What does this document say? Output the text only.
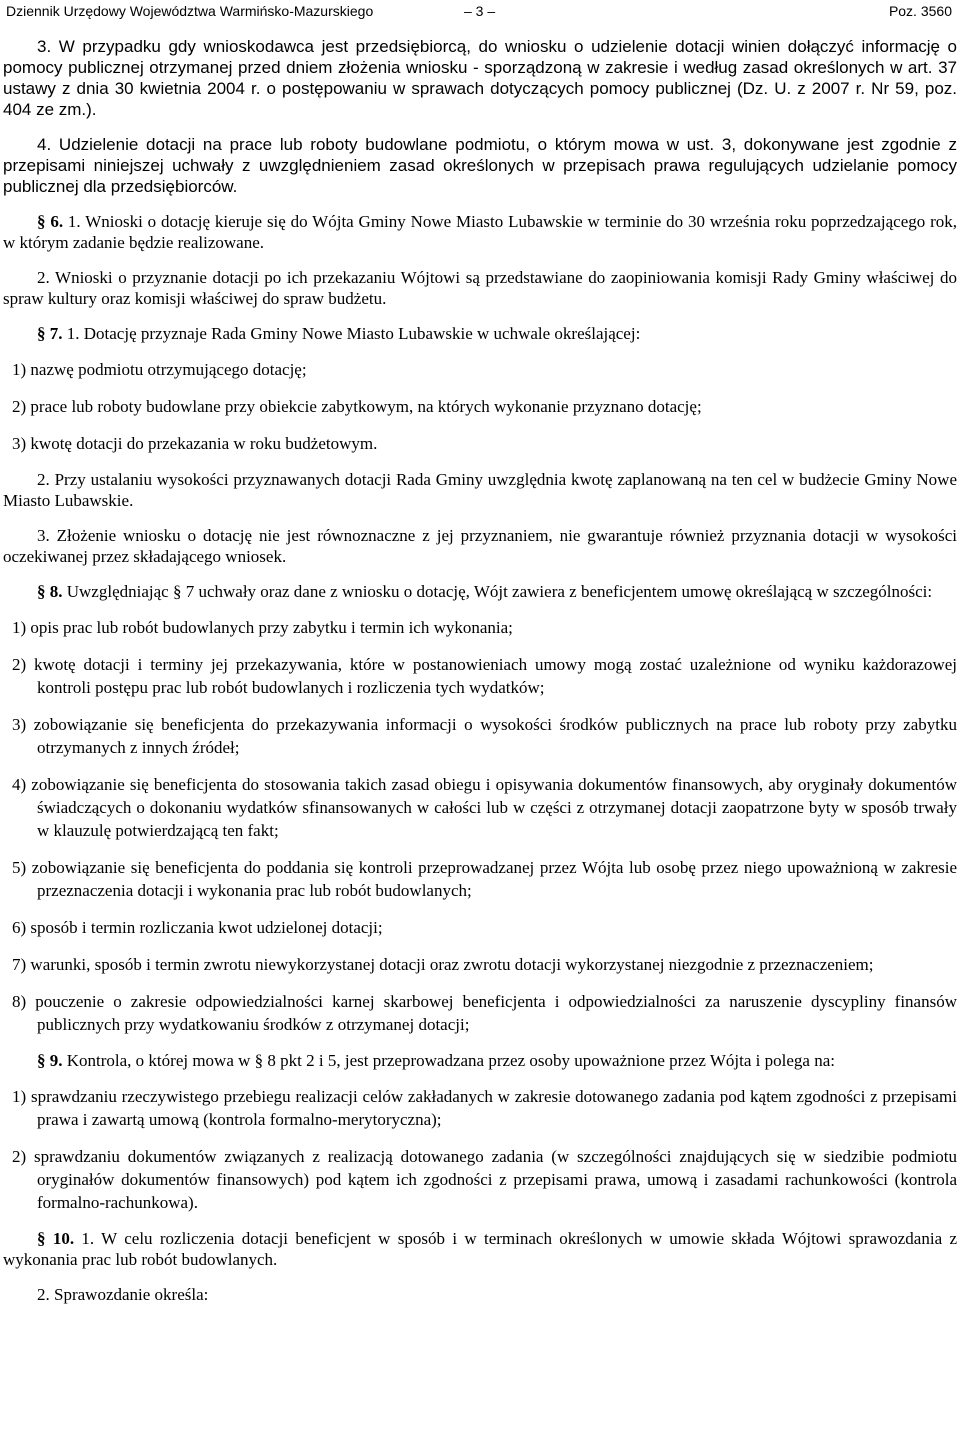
Dziennik Urzędowy Województwa Warmińsko-Mazurskiego	– 3 –	Poz. 3560

3. W przypadku gdy wnioskodawca jest przedsiębiorcą, do wniosku o udzielenie dotacji winien dołączyć informację o pomocy publicznej otrzymanej przed dniem złożenia wniosku - sporządzoną w zakresie i według zasad określonych w art. 37 ustawy z dnia 30 kwietnia 2004 r. o postępowaniu w sprawach dotyczących pomocy publicznej (Dz. U. z 2007 r. Nr 59, poz. 404 ze zm.).

4. Udzielenie dotacji na prace lub roboty budowlane podmiotu, o którym mowa w ust. 3, dokonywane jest zgodnie z przepisami niniejszej uchwały z uwzględnieniem zasad określonych w przepisach prawa regulujących udzielanie pomocy publicznej dla przedsiębiorców.

§ 6. 1. Wnioski o dotację kieruje się do Wójta Gminy Nowe Miasto Lubawskie w terminie do 30 września roku poprzedzającego rok, w którym zadanie będzie realizowane.

2. Wnioski o przyznanie dotacji po ich przekazaniu Wójtowi są przedstawiane do zaopiniowania komisji Rady Gminy właściwej do spraw kultury oraz komisji właściwej do spraw budżetu.

§ 7. 1. Dotację przyznaje Rada Gminy Nowe Miasto Lubawskie w uchwale określającej:

1) nazwę podmiotu otrzymującego dotację;

2) prace lub roboty budowlane przy obiekcie zabytkowym, na których wykonanie przyznano dotację;

3) kwotę dotacji do przekazania w roku budżetowym.

2. Przy ustalaniu wysokości przyznawanych dotacji Rada Gminy uwzględnia kwotę zaplanowaną na ten cel w budżecie Gminy Nowe Miasto Lubawskie.

3. Złożenie wniosku o dotację nie jest równoznaczne z jej przyznaniem, nie gwarantuje również przyznania dotacji w wysokości oczekiwanej przez składającego wniosek.

§ 8. Uwzględniając § 7 uchwały oraz dane z wniosku o dotację, Wójt zawiera z beneficjentem umowę określającą w szczególności:

1) opis prac lub robót budowlanych przy zabytku i termin ich wykonania;

2) kwotę dotacji i terminy jej przekazywania, które w postanowieniach umowy mogą zostać uzależnione od wyniku każdorazowej kontroli postępu prac lub robót budowlanych i rozliczenia tych wydatków;

3) zobowiązanie się beneficjenta do przekazywania informacji o wysokości środków publicznych na prace lub roboty przy zabytku otrzymanych z innych źródeł;

4) zobowiązanie się beneficjenta do stosowania takich zasad obiegu i opisywania dokumentów finansowych, aby oryginały dokumentów świadczących o dokonaniu wydatków sfinansowanych w całości lub w części z otrzymanej dotacji zaopatrzone byty w sposób trwały w klauzulę potwierdzającą ten fakt;

5) zobowiązanie się beneficjenta do poddania się kontroli przeprowadzanej przez Wójta lub osobę przez niego upoważnioną w zakresie przeznaczenia dotacji i wykonania prac lub robót budowlanych;

6) sposób i termin rozliczania kwot udzielonej dotacji;

7) warunki, sposób i termin zwrotu niewykorzystanej dotacji oraz zwrotu dotacji wykorzystanej niezgodnie z przeznaczeniem;

8) pouczenie o zakresie odpowiedzialności karnej skarbowej beneficjenta i odpowiedzialności za naruszenie dyscypliny finansów publicznych przy wydatkowaniu środków z otrzymanej dotacji;

§ 9. Kontrola, o której mowa w § 8 pkt 2 i 5, jest przeprowadzana przez osoby upoważnione przez Wójta i polega na:

1) sprawdzaniu rzeczywistego przebiegu realizacji celów zakładanych w zakresie dotowanego zadania pod kątem zgodności z przepisami prawa i zawartą umową (kontrola formalno-merytoryczna);

2) sprawdzaniu dokumentów związanych z realizacją dotowanego zadania (w szczególności znajdujących się w siedzibie podmiotu oryginałów dokumentów finansowych) pod kątem ich zgodności z przepisami prawa, umową i zasadami rachunkowości (kontrola formalno-rachunkowa).

§ 10. 1. W celu rozliczenia dotacji beneficjent w sposób i w terminach określonych w umowie składa Wójtowi sprawozdania z wykonania prac lub robót budowlanych.

2. Sprawozdanie określa:
